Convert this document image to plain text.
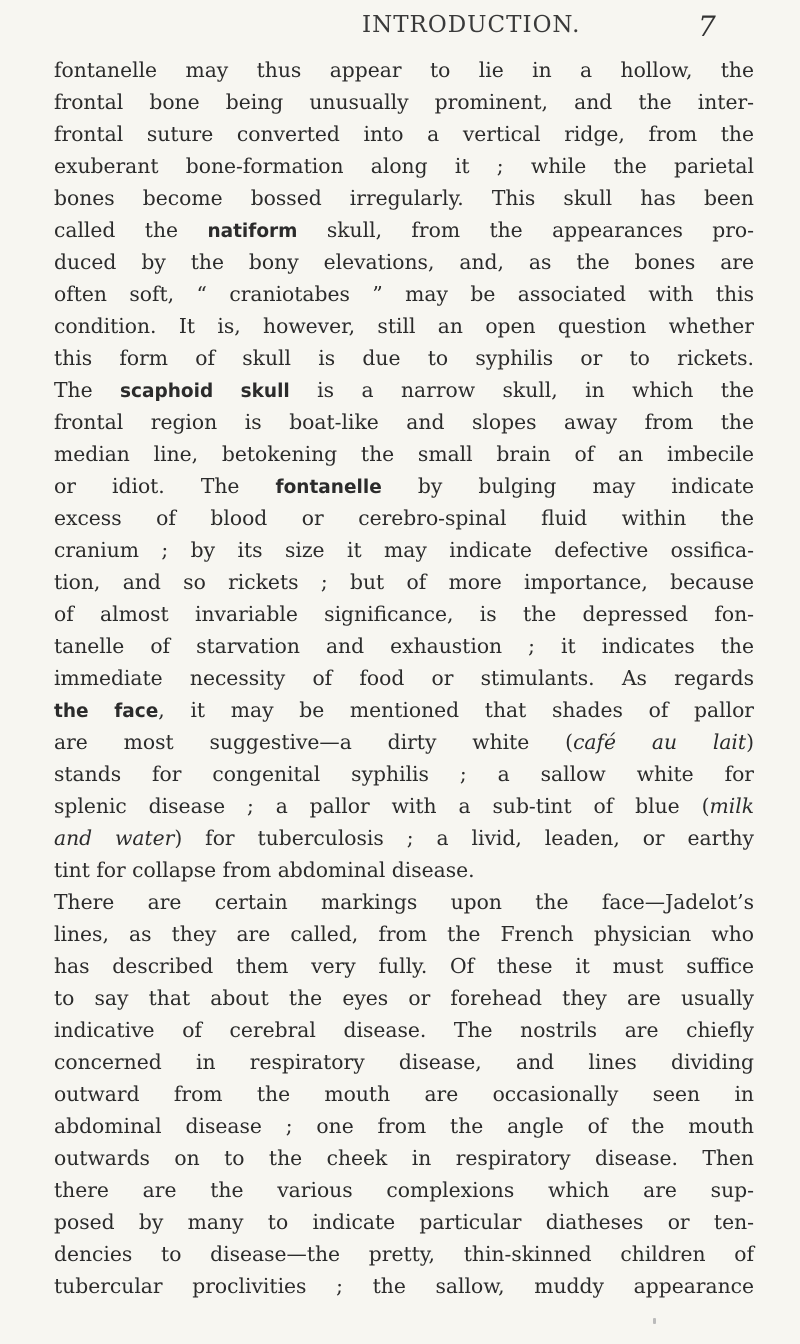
INTRODUCTION.	7
fontanelle may thus appear to lie in a hollow, the
frontal bone being unusually prominent, and the inter-
frontal suture converted into a vertical ridge, from the
exuberant bone-formation along it ; while the parietal
bones become bossed irregularly. This skull has been
called the natiform skull, from the appearances pro-
duced by the bony elevations, and, as the bones are
often soft, “ craniotabes ” may be associated with this
condition. It is, however, still an open question whether
this form of skull is due to syphilis or to rickets.
The scaphoid skull is a narrow skull, in which the
frontal region is boat-like and slopes away from the
median line, betokening the small brain of an imbecile
or idiot. The fontanelle by bulging may indicate
excess of blood or cerebro-spinal fluid within the
cranium ; by its size it may indicate defective ossifica-
tion, and so rickets ; but of more importance, because
of almost invariable significance, is the depressed fon-
tanelle of starvation and exhaustion ; it indicates the
immediate necessity of food or stimulants. As regards
the face, it may be mentioned that shades of pallor
are most suggestive—a dirty white (café au lait)
stands for congenital syphilis ; a sallow white for
splenic disease ; a pallor with a sub-tint of blue (milk
and water) for tuberculosis ; a livid, leaden, or earthy
tint for collapse from abdominal disease.
There are certain markings upon the face—Jadelot’s
lines, as they are called, from the French physician who
has described them very fully. Of these it must suffice
to say that about the eyes or forehead they are usually
indicative of cerebral disease. The nostrils are chiefly
concerned in respiratory disease, and lines dividing
outward from the mouth are occasionally seen in
abdominal disease ; one from the angle of the mouth
outwards on to the cheek in respiratory disease. Then
there are the various complexions which are sup-
posed by many to indicate particular diatheses or ten-
dencies to disease—the pretty, thin-skinned children of
tubercular proclivities ; the sallow, muddy appearance
